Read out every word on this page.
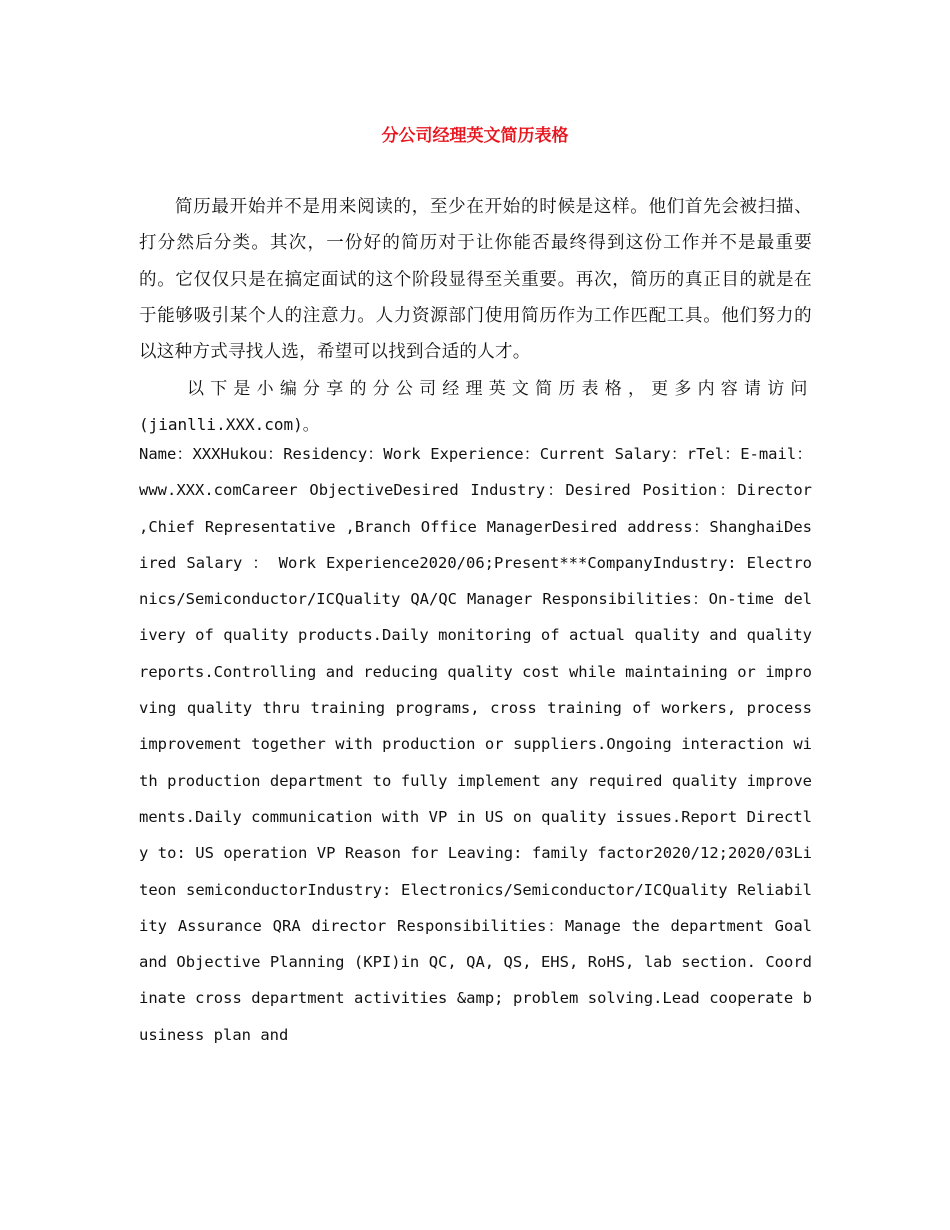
分公司经理英文简历表格

简历最开始并不是用来阅读的，至少在开始的时候是这样。他们首先会被扫描、打分然后分类。其次，一份好的简历对于让你能否最终得到这份工作并不是最重要的。它仅仅只是在搞定面试的这个阶段显得至关重要。再次，简历的真正目的就是在于能够吸引某个人的注意力。人力资源部门使用简历作为工作匹配工具。他们努力的以这种方式寻找人选，希望可以找到合适的人才。

以下是小编分享的分公司经理英文简历表格，更多内容请访问(jianlli.XXX.com)。

Name：XXXHukou：Residency：Work Experience：Current Salary：rTel：E-mail：www.XXX.comCareer ObjectiveDesired Industry：Desired Position：Director ,Chief Representative ,Branch Office ManagerDesired address：ShanghaiDesired Salary ： Work Experience2020/06;Present***CompanyIndustry: Electronics/Semiconductor/ICQuality QA/QC Manager Responsibilities：On-time delivery of quality products.Daily monitoring of actual quality and quality reports.Controlling and reducing quality cost while maintaining or improving quality thru training programs, cross training of workers, process improvement together with production or suppliers.Ongoing interaction with production department to fully implement any required quality improvements.Daily communication with VP in US on quality issues.Report Directly to: US operation VP Reason for Leaving: family factor2020/12;2020/03Liteon semiconductorIndustry: Electronics/Semiconductor/ICQuality Reliability Assurance QRA director Responsibilities：Manage the department Goal and Objective Planning (KPI)in QC, QA, QS, EHS, RoHS, lab section. Coordinate cross department activities &amp; problem solving.Lead cooperate business plan and
